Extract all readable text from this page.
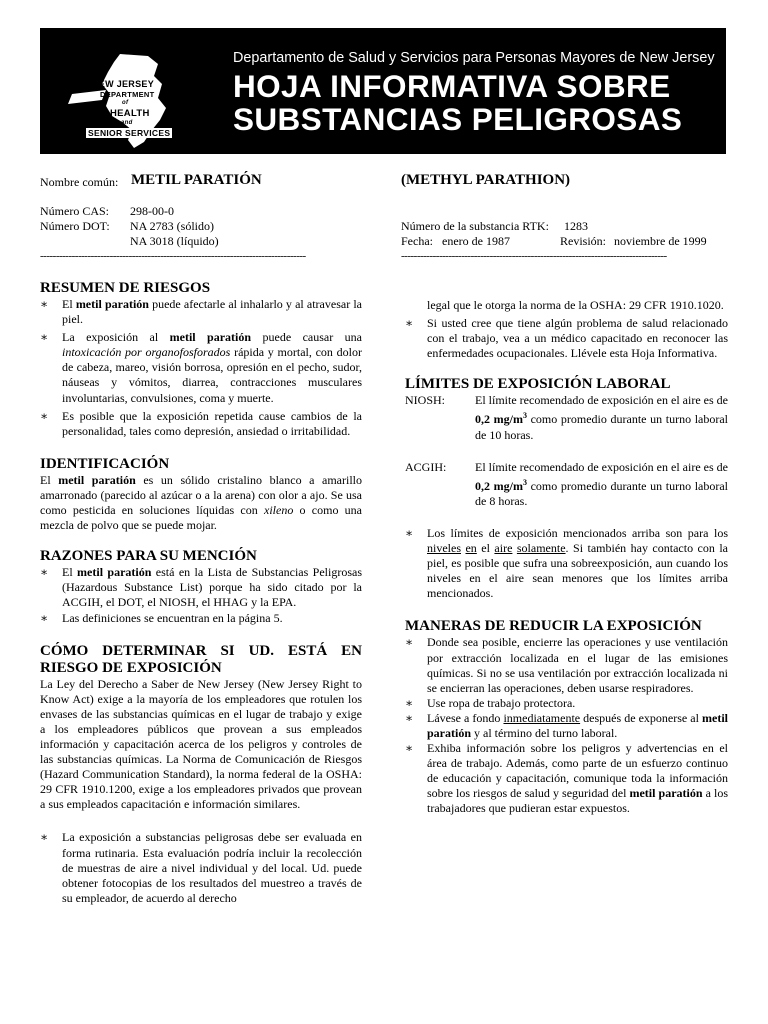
NEW JERSEY
DEPARTMENT
of
HEALTH
and
SENIOR SERVICES
Departamento de Salud y Servicios para Personas Mayores de New Jersey
HOJA INFORMATIVA SOBRE
SUBSTANCIAS PELIGROSAS
Nombre común: METIL PARATIÓN	(METHYL PARATHION)
Número CAS: 298-00-0
Número DOT: NA 2783 (sólido)
NA 3018 (líquido)
Número de la substancia RTK: 1283
Fecha: enero de 1987	Revisión: noviembre de 1999
------------------------------------------------------------------------------------	------------------------------------------------------------------------------------
RESUMEN DE RIESGOS
∗ El metil paratión puede afectarle al inhalarlo y al atravesar la piel.
∗ La exposición al metil paratión puede causar una intoxicación por organofosforados rápida y mortal, con dolor de cabeza, mareo, visión borrosa, opresión en el pecho, sudor, náuseas y vómitos, diarrea, contracciones musculares involuntarias, convulsiones, coma y muerte.
∗ Es posible que la exposición repetida cause cambios de la personalidad, tales como depresión, ansiedad o irritabilidad.
IDENTIFICACIÓN

El metil paratión es un sólido cristalino blanco a amarillo amarronado (parecido al azúcar o a la arena) con olor a ajo. Se usa como pesticida en soluciones líquidas con xileno o como una mezcla de polvo que se puede mojar.

RAZONES PARA SU MENCIÓN
∗ El metil paratión está en la Lista de Substancias Peligrosas (Hazardous Substance List) porque ha sido citado por la ACGIH, el DOT, el NIOSH, el HHAG y la EPA.
∗ Las definiciones se encuentran en la página 5.
CÓMO DETERMINAR SI UD. ESTÁ EN RIESGO DE EXPOSICIÓN

La Ley del Derecho a Saber de New Jersey (New Jersey Right to Know Act) exige a la mayoría de los empleadores que rotulen los envases de las substancias químicas en el lugar de trabajo y exige a los empleadores públicos que provean a sus empleados información y capacitación acerca de los peligros y controles de las substancias químicas. La Norma de Comunicación de Riesgos (Hazard Communication Standard), la norma federal de la OSHA: 29 CFR 1910.1200, exige a los empleadores privados que provean a sus empleados capacitación e información similares.

∗ La exposición a substancias peligrosas debe ser evaluada en forma rutinaria. Esta evaluación podría incluir la recolección de muestras de aire a nivel individual y del local. Ud. puede obtener fotocopias de los resultados del muestreo a través de su empleador, de acuerdo al derecho

legal que le otorga la norma de la OSHA: 29 CFR 1910.1020.

∗ Si usted cree que tiene algún problema de salud relacionado con el trabajo, vea a un médico capacitado en reconocer las enfermedades ocupacionales. Llévele esta Hoja Informativa.
LÍMITES DE EXPOSICIÓN LABORAL
NIOSH: El límite recomendado de exposición en el aire es de 0,2 $mg/m^3$ como promedio durante un turno laboral de 10 horas.
ACGIH: El límite recomendado de exposición en el aire es de 0,2 $mg/m^3$ como promedio durante un turno laboral de 8 horas.
∗ Los límites de exposición mencionados arriba son para los niveles en el aire solamente. Si también hay contacto con la piel, es posible que sufra una sobreexposición, aun cuando los niveles en el aire sean menores que los límites arriba mencionados.
MANERAS DE REDUCIR LA EXPOSICIÓN
∗ Donde sea posible, encierre las operaciones y use ventilación por extracción localizada en el lugar de las emisiones químicas. Si no se usa ventilación por extracción localizada ni se encierran las operaciones, deben usarse respiradores.
∗ Use ropa de trabajo protectora.
∗ Lávese a fondo inmediatamente después de exponerse al metil paratión y al término del turno laboral.
∗ Exhiba información sobre los peligros y advertencias en el área de trabajo. Además, como parte de un esfuerzo continuo de educación y capacitación, comunique toda la información sobre los riesgos de salud y seguridad del metil paratión a los trabajadores que pudieran estar expuestos.
